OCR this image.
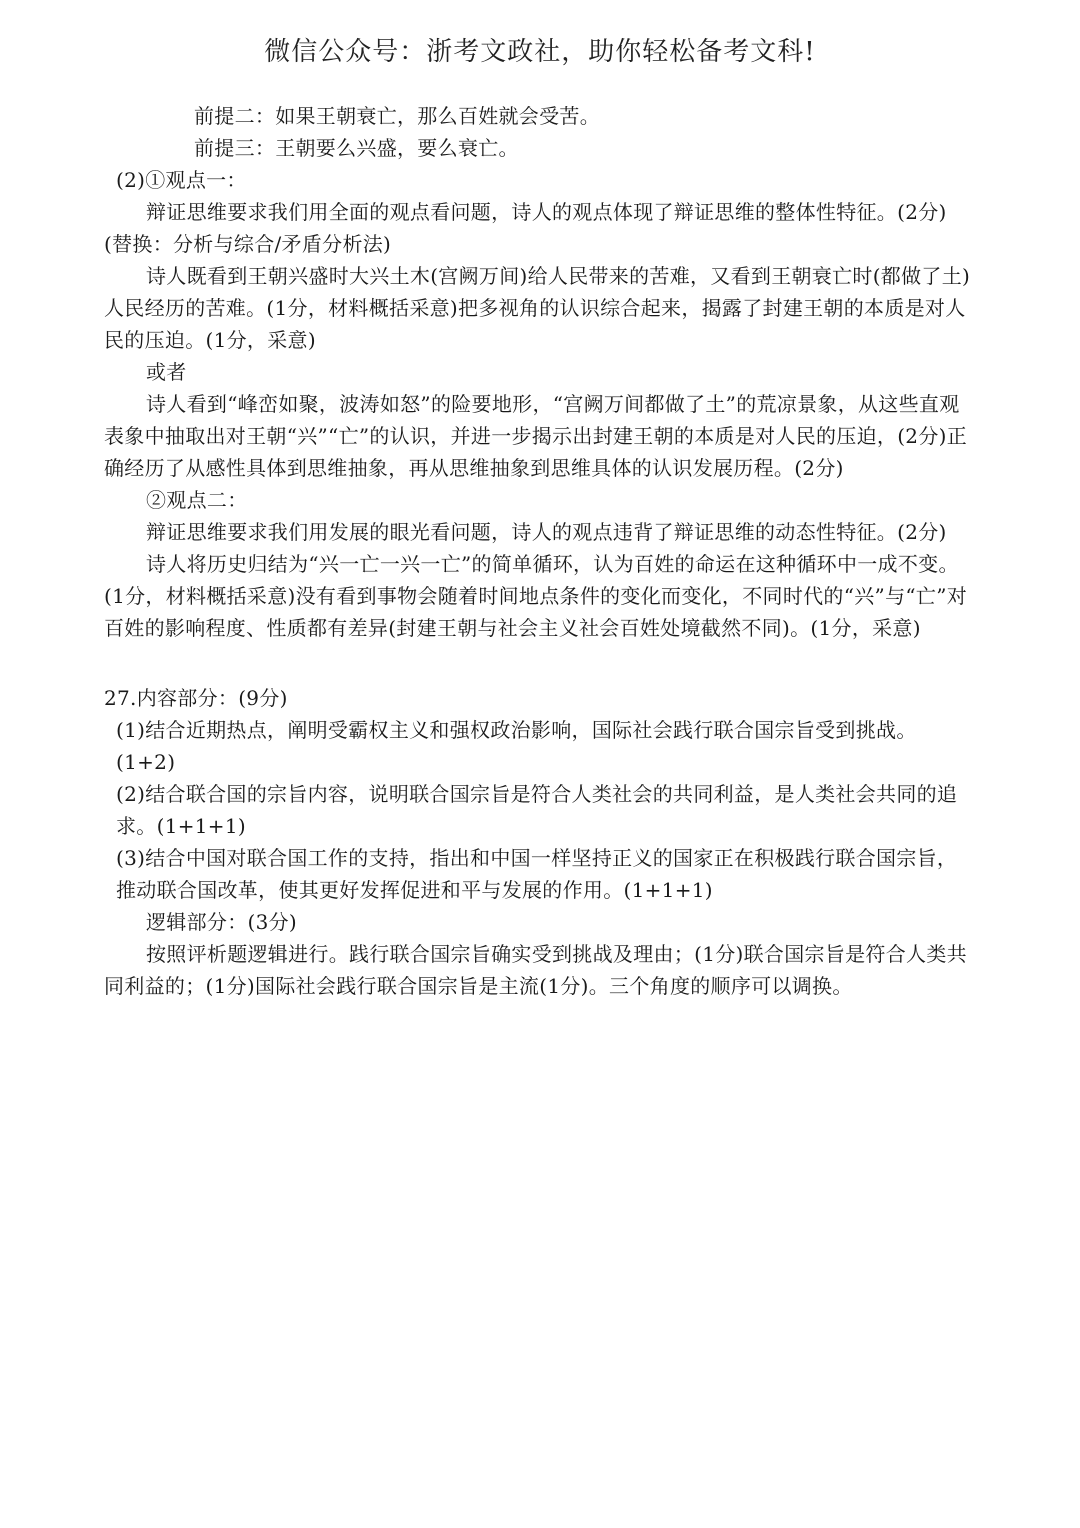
微信公众号：浙考文政社，助你轻松备考文科!

前提二：如果王朝衰亡，那么百姓就会受苦。

前提三：王朝要么兴盛，要么衰亡。

(2)①观点一：

辩证思维要求我们用全面的观点看问题，诗人的观点体现了辩证思维的整体性特征。(2分)(替换：分析与综合/矛盾分析法)

诗人既看到王朝兴盛时大兴土木(宫阙万间)给人民带来的苦难，又看到王朝衰亡时(都做了土)人民经历的苦难。(1分，材料概括采意)把多视角的认识综合起来，揭露了封建王朝的本质是对人民的压迫。(1分，采意)

或者

诗人看到“峰峦如聚，波涛如怒”的险要地形，“宫阙万间都做了土”的荒凉景象，从这些直观表象中抽取出对王朝“兴”“亡”的认识，并进一步揭示出封建王朝的本质是对人民的压迫，(2分)正确经历了从感性具体到思维抽象，再从思维抽象到思维具体的认识发展历程。(2分)

②观点二：

辩证思维要求我们用发展的眼光看问题，诗人的观点违背了辩证思维的动态性特征。(2分)

诗人将历史归结为“兴一亡一兴一亡”的简单循环，认为百姓的命运在这种循环中一成不变。(1分，材料概括采意)没有看到事物会随着时间地点条件的变化而变化，不同时代的“兴”与“亡”对百姓的影响程度、性质都有差异(封建王朝与社会主义社会百姓处境截然不同)。(1分，采意)

27.内容部分：(9分)

(1)结合近期热点，阐明受霸权主义和强权政治影响，国际社会践行联合国宗旨受到挑战。(1+2)

(2)结合联合国的宗旨内容，说明联合国宗旨是符合人类社会的共同利益，是人类社会共同的追求。(1+1+1)

(3)结合中国对联合国工作的支持，指出和中国一样坚持正义的国家正在积极践行联合国宗旨，推动联合国改革，使其更好发挥促进和平与发展的作用。(1+1+1)

逻辑部分：(3分)

按照评析题逻辑进行。践行联合国宗旨确实受到挑战及理由；(1分)联合国宗旨是符合人类共同利益的；(1分)国际社会践行联合国宗旨是主流(1分)。三个角度的顺序可以调换。
